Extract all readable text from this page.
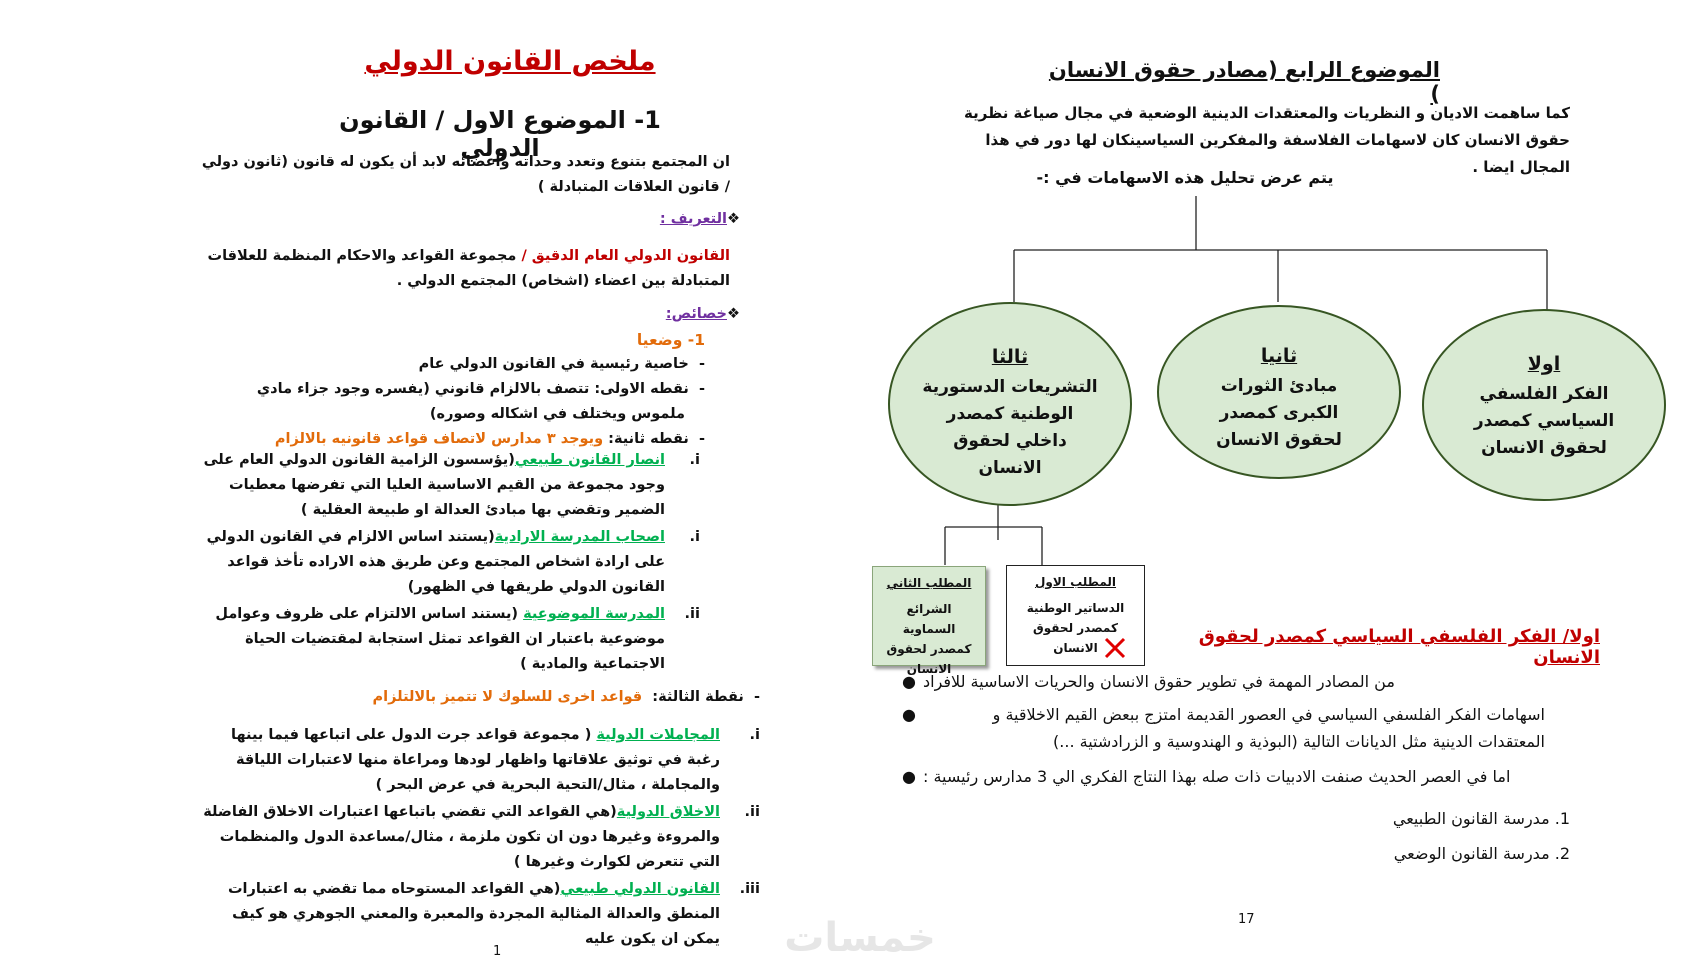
ملخص القانون الدولي
1- الموضوع الاول / القانون الدولي
ان المجتمع بتنوع وتعدد وحداته واعضائه لابد أن يكون له قانون (ثانون دولي / قانون العلاقات المتبادلة )
❖التعريف :
القانون الدولي العام الدقيق / مجموعة القواعد والاحكام المنظمة للعلاقات المتبادلة بين اعضاء (اشخاص) المجتمع الدولي .
❖خصائص:
1- وضعيا
-  خاصية رئيسية في القانون الدولي عام
-  نقطه الاولى: تتصف بالالزام قانوني (يفسره وجود جزاء مادي ملموس ويختلف في اشكاله وصوره)
-  نقطه ثانية: ويوجد ٣ مدارس لاتصاف قواعد قانونيه بالالزام
i.
انصار القانون طبيعي(يؤسسون الزامية القانون الدولي العام على وجود مجموعة من القيم الاساسية العليا التي تفرضها معطيات الضمير وتقضي بها مبادئ العدالة او طبيعة العقلية )
i.
اصحاب المدرسة الارادية(يستند اساس الالزام في القانون الدولي على ارادة اشخاص المجتمع وعن طريق هذه الاراده تأخذ قواعد القانون الدولي طريقها في الظهور)
ii.
المدرسة الموضوعية (يستند اساس الالتزام على ظروف وعوامل موضوعية باعتبار ان القواعد تمثل استجابة لمقتضيات الحياة الاجتماعية والمادية )
-  نقطة الثالثة:  قواعد اخرى للسلوك لا تتميز بالالتلزام
i.
المجاملات الدولية ( مجموعة قواعد جرت الدول على اتباعها فيما بينها رغبة في توثيق علاقاتها واظهار لودها ومراعاة منها لاعتبارات اللياقة والمجاملة ، مثال/التحية البحرية في عرض البحر )
ii.
الاخلاق الدولية(هي القواعد التي تقضي باتباعها اعتبارات الاخلاق الفاضلة والمروءة وغيرها دون ان تكون ملزمة ، مثال/مساعدة الدول والمنظمات التي تتعرض لكوارث وغيرها )
iii.
القانون الدولي طبيعي(هي القواعد المستوحاه مما تقضي به اعتبارات المنطق والعدالة المثالية المجردة والمعبرة والمعني الجوهري هو كيف يمكن ان يكون عليه
1
الموضوع الرابع (مصادر حقوق الانسان )
كما ساهمت الاديان و النظريات والمعتقدات الدينية الوضعية في مجال صياغة نظرية حقوق الانسان كان لاسهامات الفلاسفة والمفكرين السياسينكان لها دور في هذا المجال ايضا .
يتم عرض تحليل هذه الاسهامات في :-
اولا
الفكر الفلسفي السياسي كمصدر لحقوق الانسان
ثانيا
مبادئ الثورات الكبرى كمصدر لحقوق الانسان
ثالثا
التشريعات الدستورية الوطنية كمصدر داخلي لحقوق الانسان
المطلب الاول
الدساتير الوطنية كمصدر لحقوق الانسان
المطلب الثاني
الشرائع السماوية كمصدر لحقوق الانسان
اولا/ الفكر الفلسفي السياسي كمصدر لحقوق الانسان
● من المصادر المهمة في تطوير حقوق الانسان والحريات الاساسية للافراد
●	اسهامات الفكر الفلسفي السياسي في العصور القديمة امتزج ببعض القيم الاخلاقية و المعتقدات الدينية مثل الديانات التالية (البوذية و الهندوسية و الزرادشتية ...)
● اما في العصر الحديث صنفت الادبيات ذات صله بهذا النتاج الفكري الي 3 مدارس رئيسية :
1. مدرسة القانون الطبيعي
2. مدرسة القانون الوضعي
17
خمسات
